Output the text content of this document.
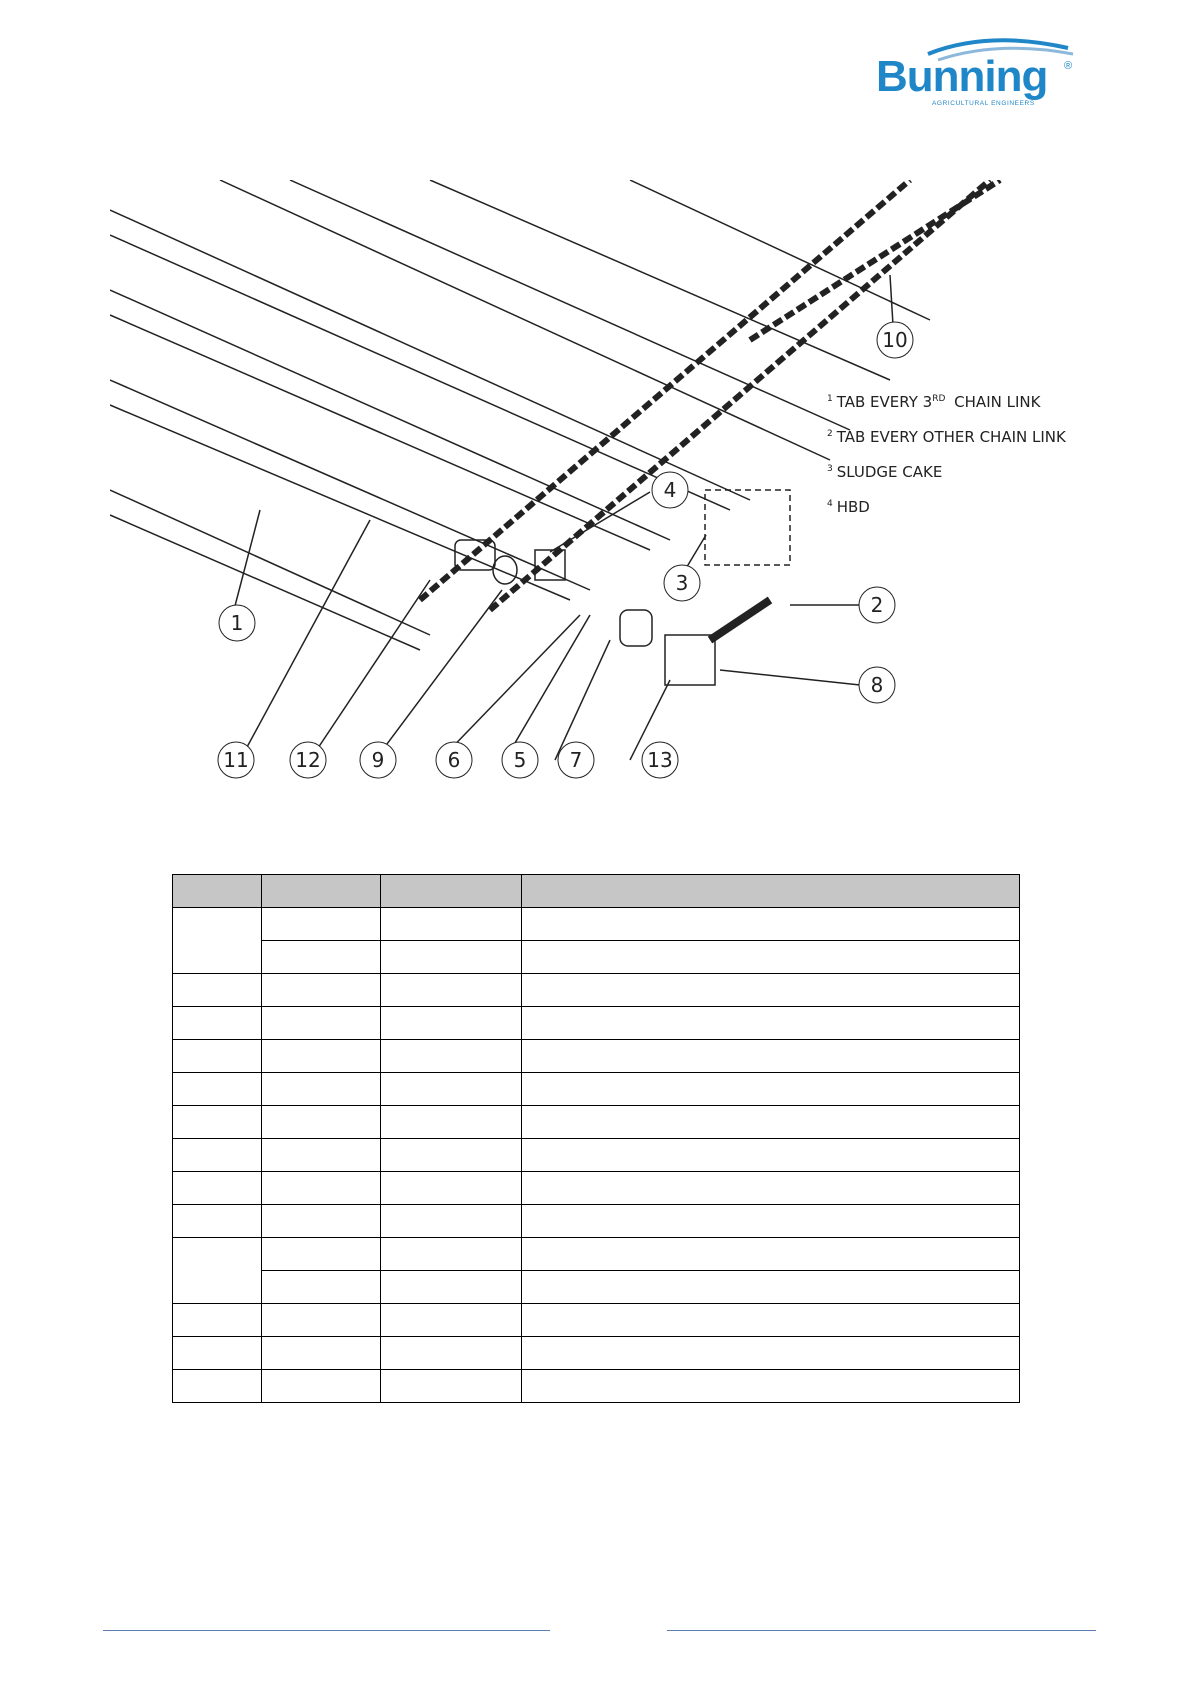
Bunning ®
AGRICULTURAL ENGINEERS
1
2
3
4
5
6	7
8
9
10
11 12	13
$^1$ TAB EVERY 3RD CHAIN LINK
$^2$ TAB EVERY OTHER CHAIN LINK
$^3$ SLUDGE CAKE
$^4$ HBD
